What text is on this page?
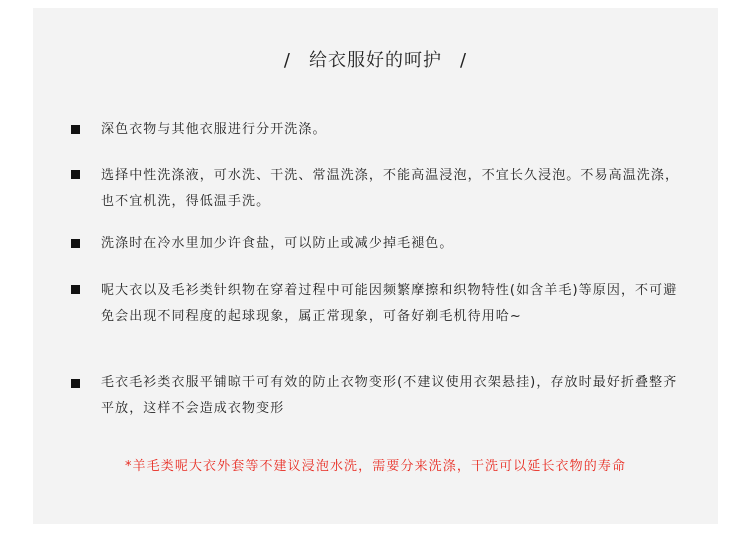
/ 给衣服好的呵护 /
深色衣物与其他衣服进行分开洗涤。
选择中性洗涤液，可水洗、干洗、常温洗涤，不能高温浸泡，不宜长久浸泡。不易高温洗涤，也不宜机洗，得低温手洗。
洗涤时在冷水里加少许食盐，可以防止或减少掉毛褪色。
呢大衣以及毛衫类针织物在穿着过程中可能因频繁摩擦和织物特性(如含羊毛)等原因，不可避免会出现不同程度的起球现象，属正常现象，可备好剃毛机待用哈~
毛衣毛衫类衣服平铺晾干可有效的防止衣物变形(不建议使用衣架悬挂)，存放时最好折叠整齐平放，这样不会造成衣物变形
*羊毛类呢大衣外套等不建议浸泡水洗，需要分来洗涤，干洗可以延长衣物的寿命
